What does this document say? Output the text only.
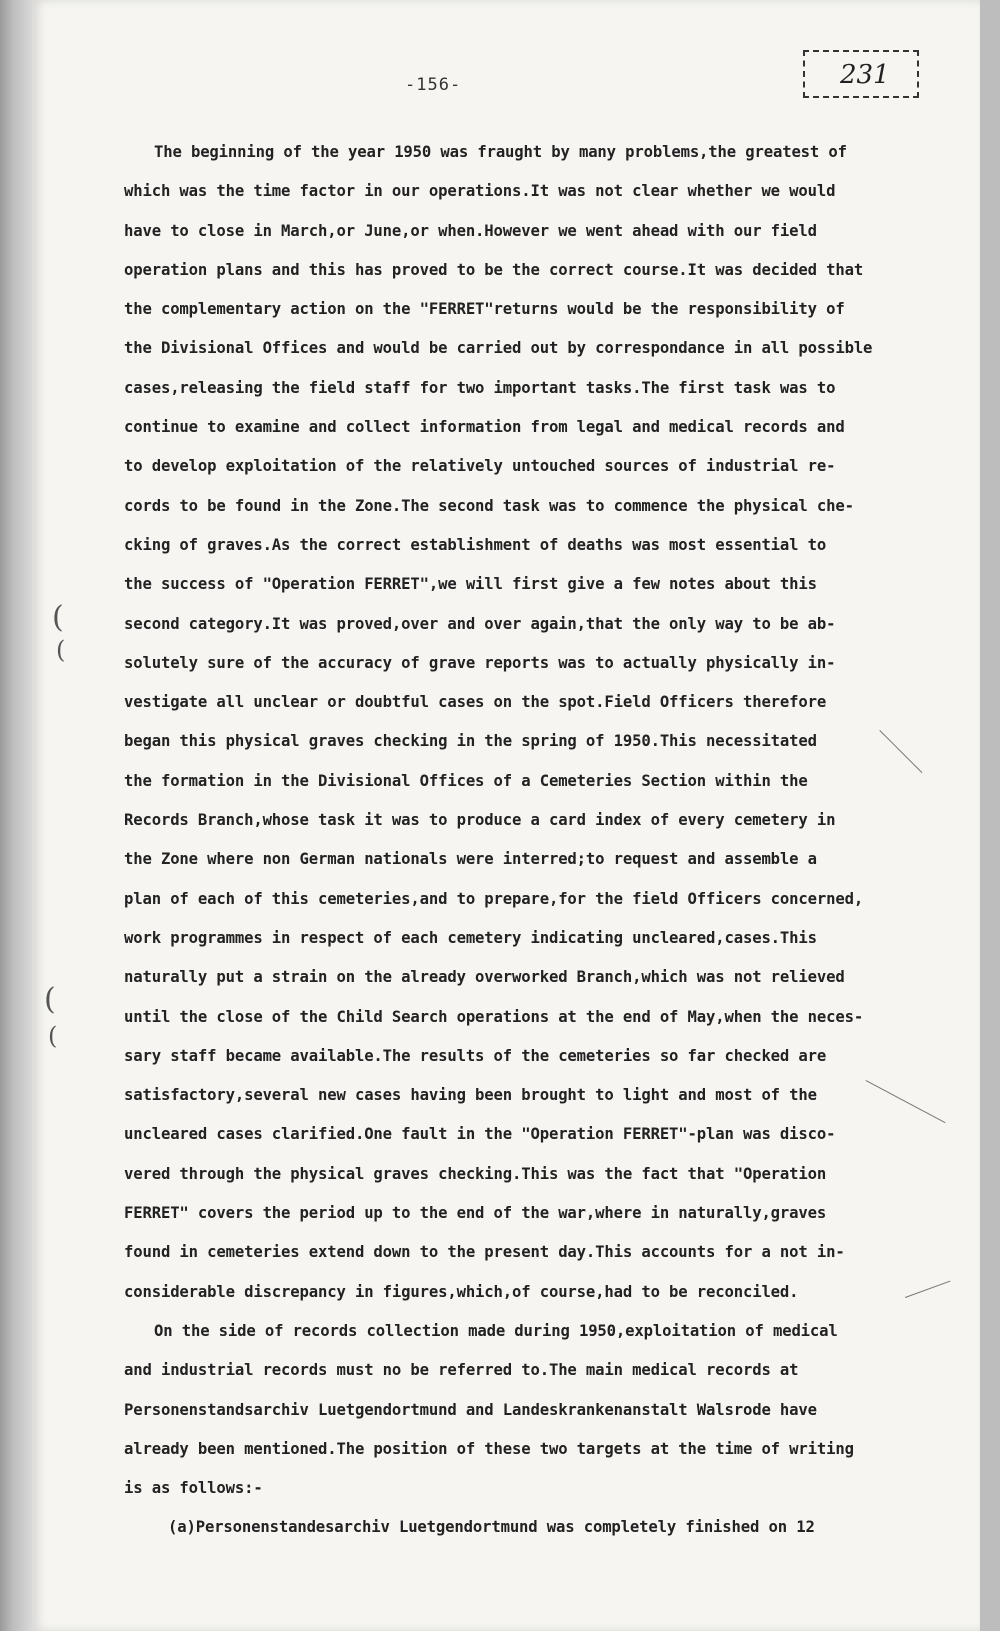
-156-	231
The beginning of the year 1950 was fraught by many problems,the greatest of
which was the time factor in our operations.It was not clear whether we would
have to close in March,or June,or when.However we went ahead with our field
operation plans and this has proved to be the correct course.It was decided that
the complementary action on the "FERRET"returns would be the responsibility of
the Divisional Offices and would be carried out by correspondance in all possible
cases,releasing the field staff for two important tasks.The first task was to
continue to examine and collect information from legal and medical records and
to develop exploitation of the relatively untouched sources of industrial re-
cords to be found in the Zone.The second task was to commence the physical che-
cking of graves.As the correct establishment of deaths was most essential to
the success of "Operation FERRET",we will first give a few notes about this
second category.It was proved,over and over again,that the only way to be ab-
solutely sure of the accuracy of grave reports was to actually physically in-
vestigate all unclear or doubtful cases on the spot.Field Officers therefore
began this physical graves checking in the spring of 1950.This necessitated
the formation in the Divisional Offices of a Cemeteries Section within the
Records Branch,whose task it was to produce a card index of every cemetery in
the Zone where non German nationals were interred;to request and assemble a
plan of each of this cemeteries,and to prepare,for the field Officers concerned,
work programmes in respect of each cemetery indicating uncleared,cases.This
naturally put a strain on the already overworked Branch,which was not relieved
until the close of the Child Search operations at the end of May,when the neces-
sary staff became available.The results of the cemeteries so far checked are
satisfactory,several new cases having been brought to light and most of the
uncleared cases clarified.One fault in the "Operation FERRET"-plan was disco-
vered through the physical graves checking.This was the fact that "Operation
FERRET" covers the period up to the end of the war,where in naturally,graves
found in cemeteries extend down to the present day.This accounts for a not in-
considerable discrepancy in figures,which,of course,had to be reconciled.
On the side of records collection made during 1950,exploitation of medical
and industrial records must no be referred to.The main medical records at
Personenstandsarchiv Luetgendortmund and Landeskrankenanstalt Walsrode have
already been mentioned.The position of these two targets at the time of writing
is as follows:-
(a)Personenstandesarchiv Luetgendortmund was completely finished on 12
(
(
(
(
